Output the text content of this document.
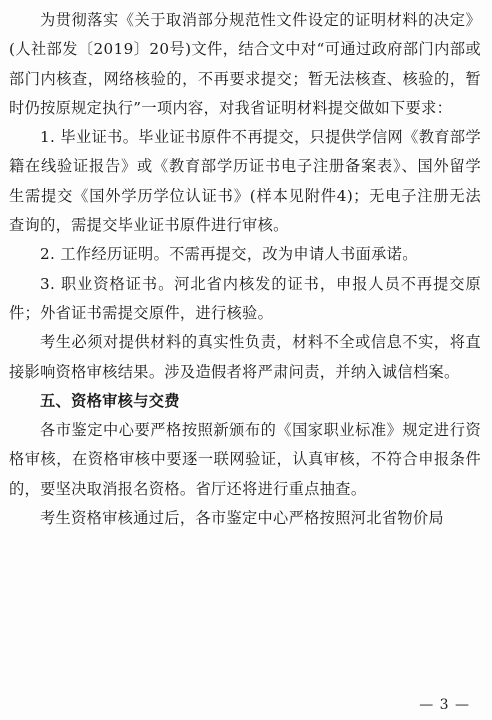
为贯彻落实《关于取消部分规范性文件设定的证明材料的决定》(人社部发〔2019〕20号)文件，结合文中对“可通过政府部门内部或部门内核查，网络核验的，不再要求提交；暂无法核查、核验的，暂时仍按原规定执行”一项内容，对我省证明材料提交做如下要求：

1. 毕业证书。毕业证书原件不再提交，只提供学信网《教育部学籍在线验证报告》或《教育部学历证书电子注册备案表》、国外留学生需提交《国外学历学位认证书》(样本见附件4)；无电子注册无法查询的，需提交毕业证书原件进行审核。

2. 工作经历证明。不需再提交，改为申请人书面承诺。

3. 职业资格证书。河北省内核发的证书，申报人员不再提交原件；外省证书需提交原件，进行核验。

考生必须对提供材料的真实性负责，材料不全或信息不实，将直接影响资格审核结果。涉及造假者将严肃问责，并纳入诚信档案。

五、资格审核与交费

各市鉴定中心要严格按照新颁布的《国家职业标准》规定进行资格审核，在资格审核中要逐一联网验证，认真审核，不符合申报条件的，要坚决取消报名资格。省厅还将进行重点抽查。

考生资格审核通过后，各市鉴定中心严格按照河北省物价局

— 3 —
